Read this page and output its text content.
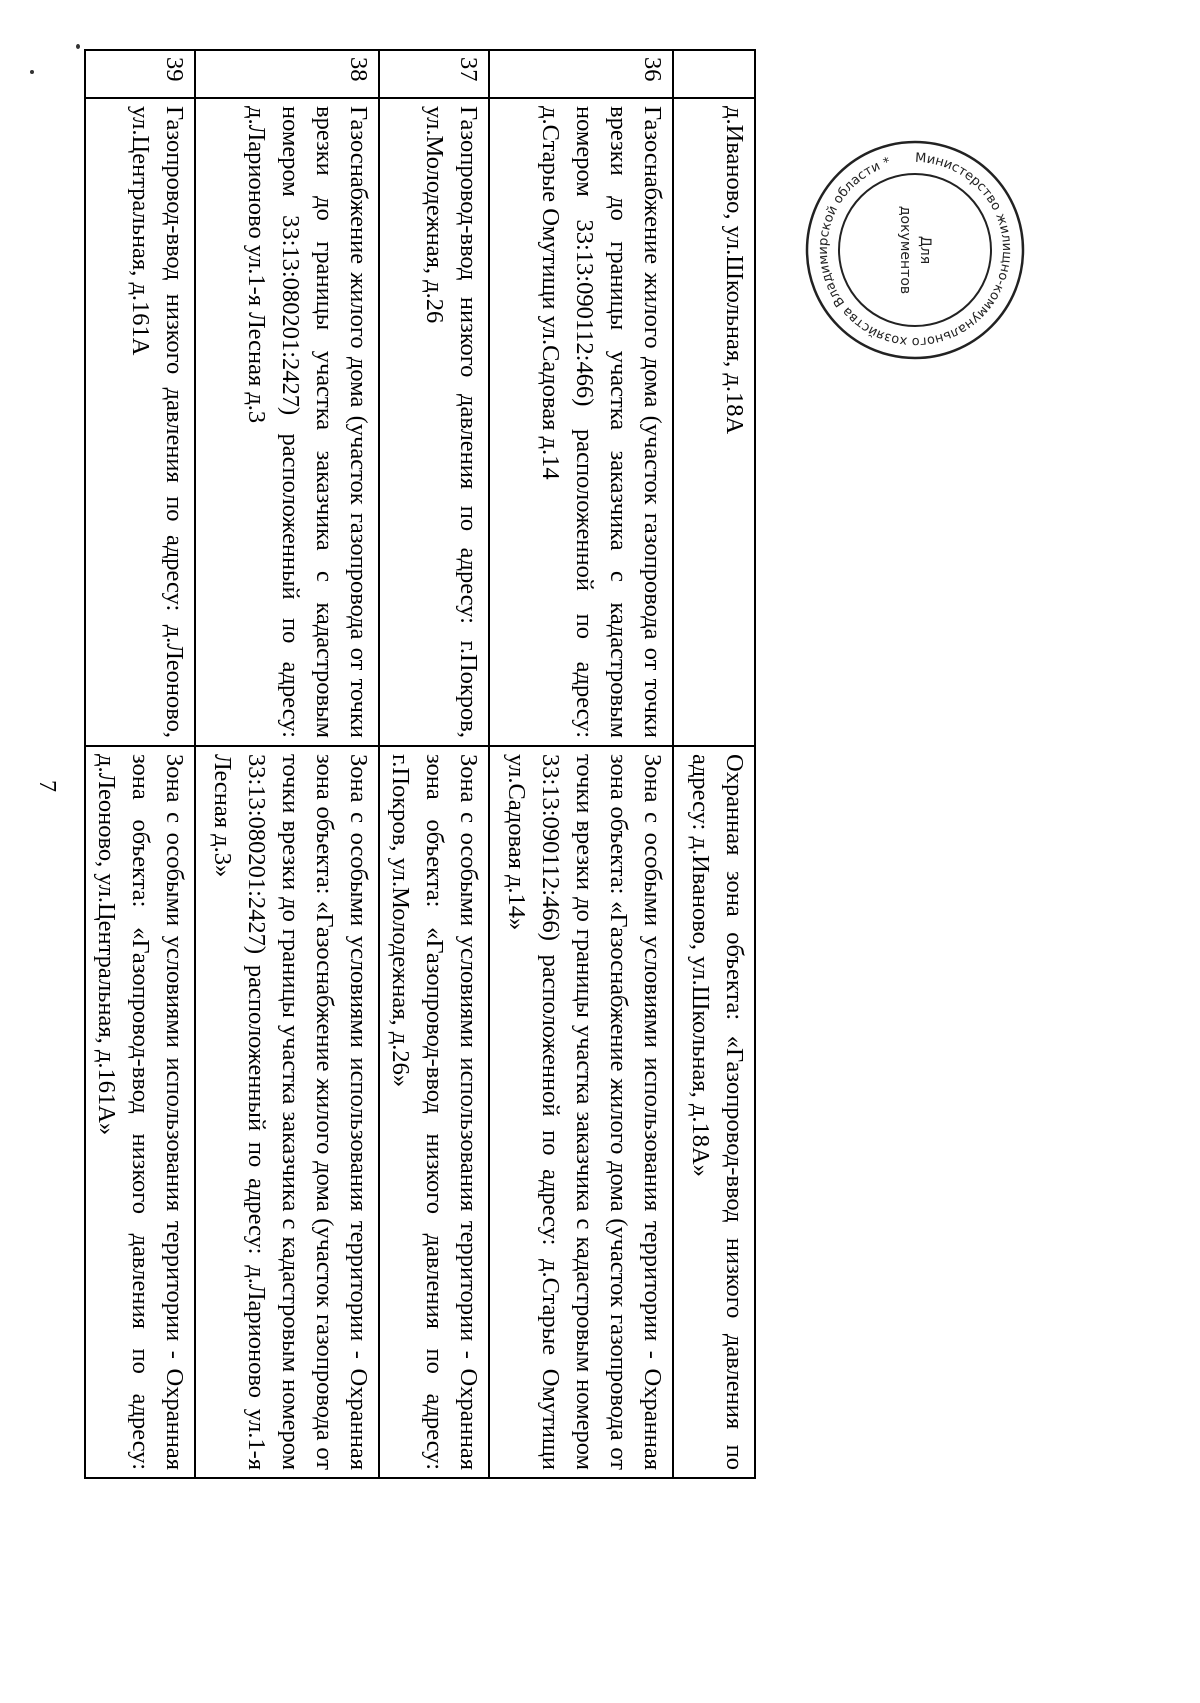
7
	д.Иваново, ул.Школьная, д.18А	Охранная зона объекта: «Газопровод-ввод низкого давления по адресу: д.Иваново, ул.Школьная, д.18А»
36	Газоснабжение жилого дома (участок газопровода от точки врезки до границы участка заказчика с кадастровым номером 33:13:090112:466) расположенной по адресу: д.Старые Омутищи ул.Садовая д.14	Зона с особыми условиями использования территории - Охранная зона объекта: «Газоснабжение жилого дома (участок газопровода от точки врезки до границы участка заказчика с кадастровым номером 33:13:090112:466) расположенной по адресу: д.Старые Омутищи ул.Садовая д.14»
37	Газопровод-ввод низкого давления по адресу: г.Покров, ул.Молодежная, д.26	Зона с особыми условиями использования территории - Охранная зона объекта: «Газопровод-ввод низкого давления по адресу: г.Покров, ул.Молодежная, д.26»
38	Газоснабжение жилого дома (участок газопровода от точки врезки до границы участка заказчика с кадастровым номером 33:13:080201:2427) расположенный по адресу: д.Ларионово ул.1-я Лесная д.3	Зона с особыми условиями использования территории - Охранная зона объекта: «Газоснабжение жилого дома (участок газопровода от точки врезки до границы участка заказчика с кадастровым номером 33:13:080201:2427) расположенный по адресу: д.Ларионово ул.1-я Лесная д.3»
39	Газопровод-ввод низкого давления по адресу: д.Леоново, ул.Центральная, д.161А	Зона с особыми условиями использования территории - Охранная зона объекта: «Газопровод-ввод низкого давления по адресу: д.Леоново, ул.Центральная, д.161А»
Министерство жилищно-коммунального хозяйства Владимирской области *
Для
документов
